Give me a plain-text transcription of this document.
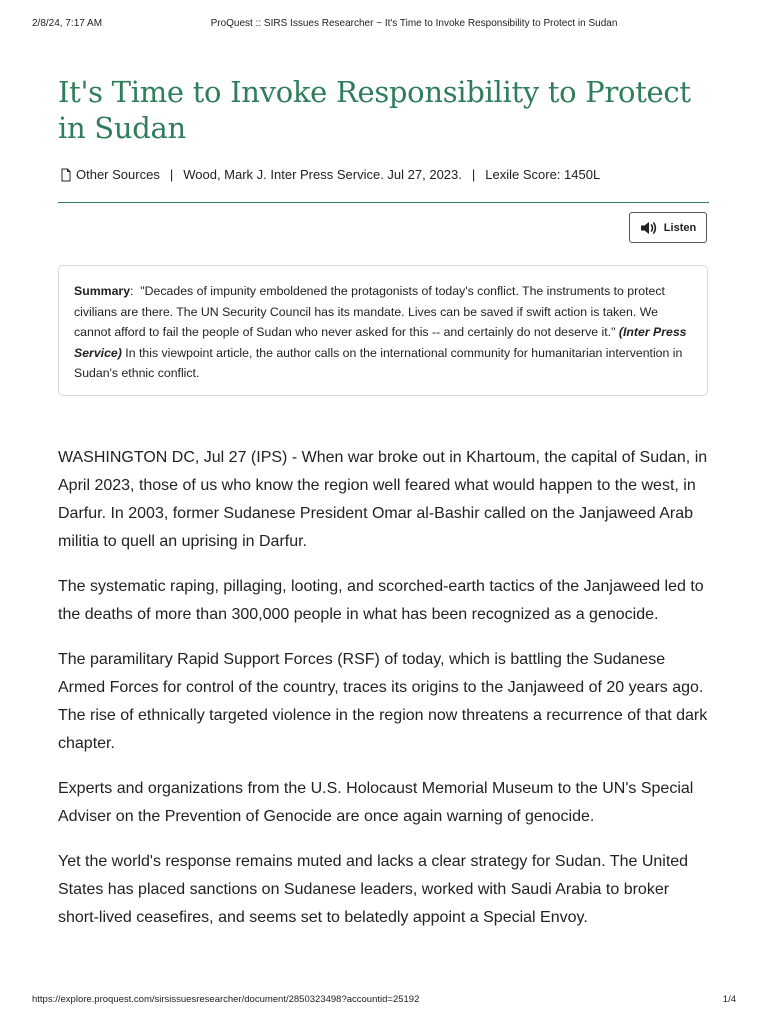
2/8/24, 7:17 AM	ProQuest :: SIRS Issues Researcher ~ It's Time to Invoke Responsibility to Protect in Sudan
It's Time to Invoke Responsibility to Protect in Sudan
Other Sources | Wood, Mark J. Inter Press Service. Jul 27, 2023. | Lexile Score: 1450L
Listen
Summary:  "Decades of impunity emboldened the protagonists of today's conflict. The instruments to protect civilians are there. The UN Security Council has its mandate. Lives can be saved if swift action is taken. We cannot afford to fail the people of Sudan who never asked for this -- and certainly do not deserve it." (Inter Press Service) In this viewpoint article, the author calls on the international community for humanitarian intervention in Sudan's ethnic conflict.

WASHINGTON DC, Jul 27 (IPS) - When war broke out in Khartoum, the capital of Sudan, in April 2023, those of us who know the region well feared what would happen to the west, in Darfur. In 2003, former Sudanese President Omar al-Bashir called on the Janjaweed Arab militia to quell an uprising in Darfur.

The systematic raping, pillaging, looting, and scorched-earth tactics of the Janjaweed led to the deaths of more than 300,000 people in what has been recognized as a genocide.

The paramilitary Rapid Support Forces (RSF) of today, which is battling the Sudanese Armed Forces for control of the country, traces its origins to the Janjaweed of 20 years ago. The rise of ethnically targeted violence in the region now threatens a recurrence of that dark chapter.

Experts and organizations from the U.S. Holocaust Memorial Museum to the UN's Special Adviser on the Prevention of Genocide are once again warning of genocide.

Yet the world's response remains muted and lacks a clear strategy for Sudan. The United States has placed sanctions on Sudanese leaders, worked with Saudi Arabia to broker short-lived ceasefires, and seems set to belatedly appoint a Special Envoy.

https://explore.proquest.com/sirsissuesresearcher/document/2850323498?accountid=25192	1/4
